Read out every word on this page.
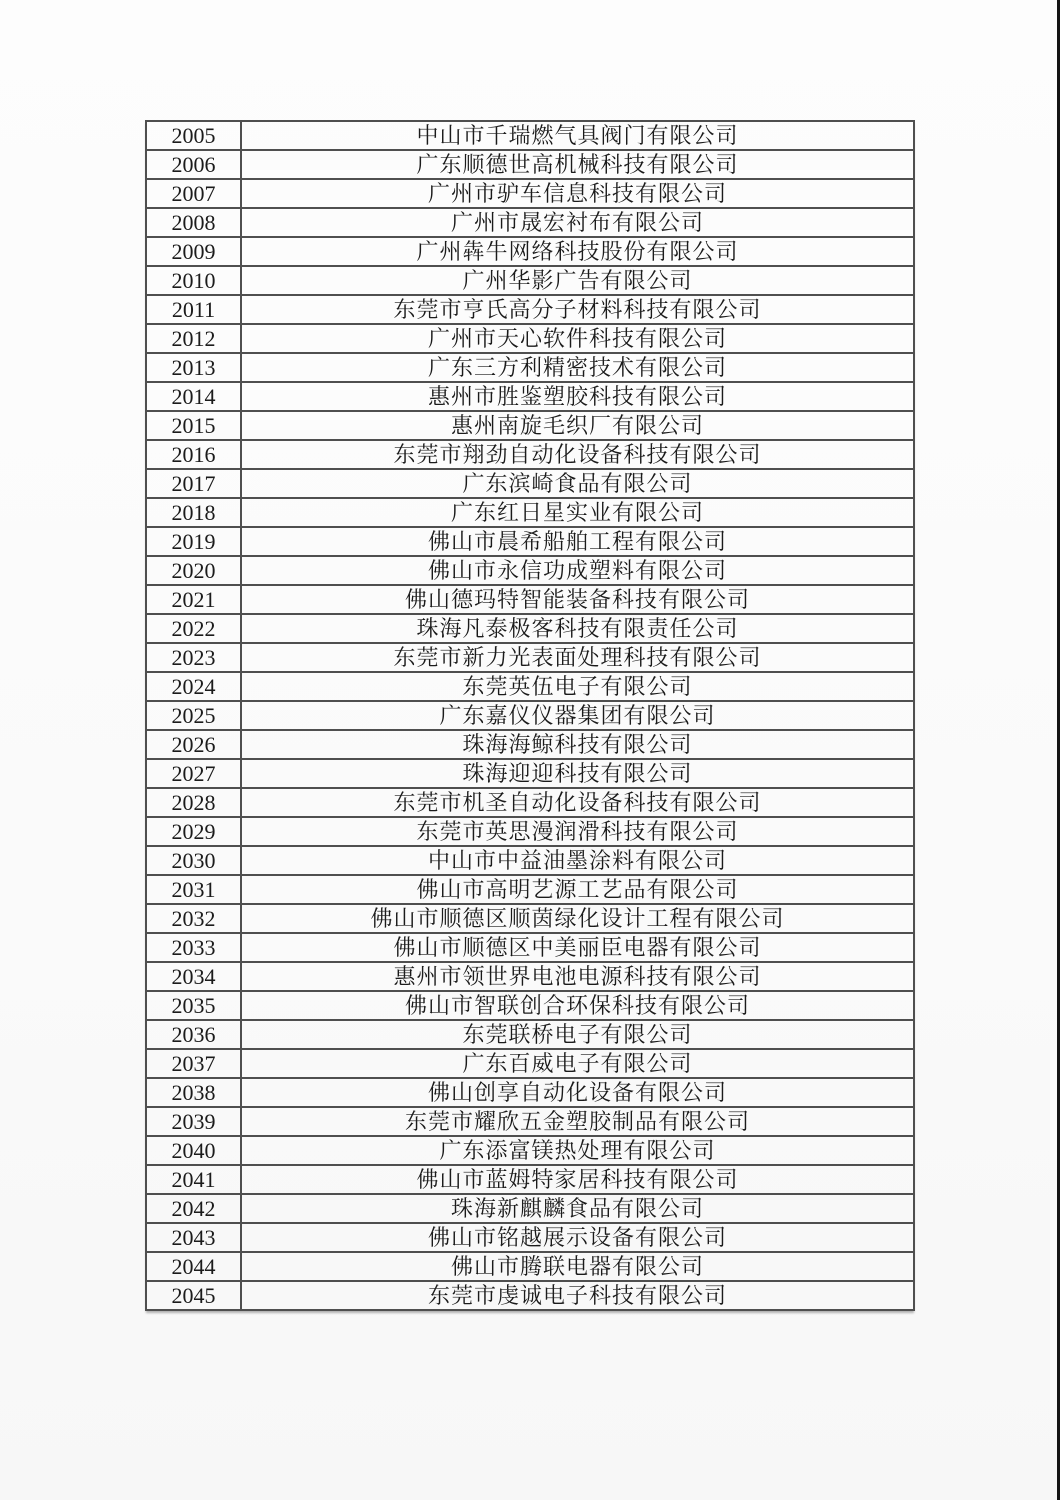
2005	中山市千瑞燃气具阀门有限公司
2006	广东顺德世高机械科技有限公司
2007	广州市驴车信息科技有限公司
2008	广州市晟宏衬布有限公司
2009	广州犇牛网络科技股份有限公司
2010	广州华影广告有限公司
2011	东莞市亨氏高分子材料科技有限公司
2012	广州市天心软件科技有限公司
2013	广东三方利精密技术有限公司
2014	惠州市胜鉴塑胶科技有限公司
2015	惠州南旋毛织厂有限公司
2016	东莞市翔劲自动化设备科技有限公司
2017	广东滨崎食品有限公司
2018	广东红日星实业有限公司
2019	佛山市晨希船舶工程有限公司
2020	佛山市永信功成塑料有限公司
2021	佛山德玛特智能装备科技有限公司
2022	珠海凡泰极客科技有限责任公司
2023	东莞市新力光表面处理科技有限公司
2024	东莞英伍电子有限公司
2025	广东嘉仪仪器集团有限公司
2026	珠海海鲸科技有限公司
2027	珠海迎迎科技有限公司
2028	东莞市机圣自动化设备科技有限公司
2029	东莞市英思漫润滑科技有限公司
2030	中山市中益油墨涂料有限公司
2031	佛山市高明艺源工艺品有限公司
2032	佛山市顺德区顺茵绿化设计工程有限公司
2033	佛山市顺德区中美丽臣电器有限公司
2034	惠州市领世界电池电源科技有限公司
2035	佛山市智联创合环保科技有限公司
2036	东莞联桥电子有限公司
2037	广东百威电子有限公司
2038	佛山创享自动化设备有限公司
2039	东莞市耀欣五金塑胶制品有限公司
2040	广东添富镁热处理有限公司
2041	佛山市蓝姆特家居科技有限公司
2042	珠海新麒麟食品有限公司
2043	佛山市铭越展示设备有限公司
2044	佛山市腾联电器有限公司
2045	东莞市虔诚电子科技有限公司
